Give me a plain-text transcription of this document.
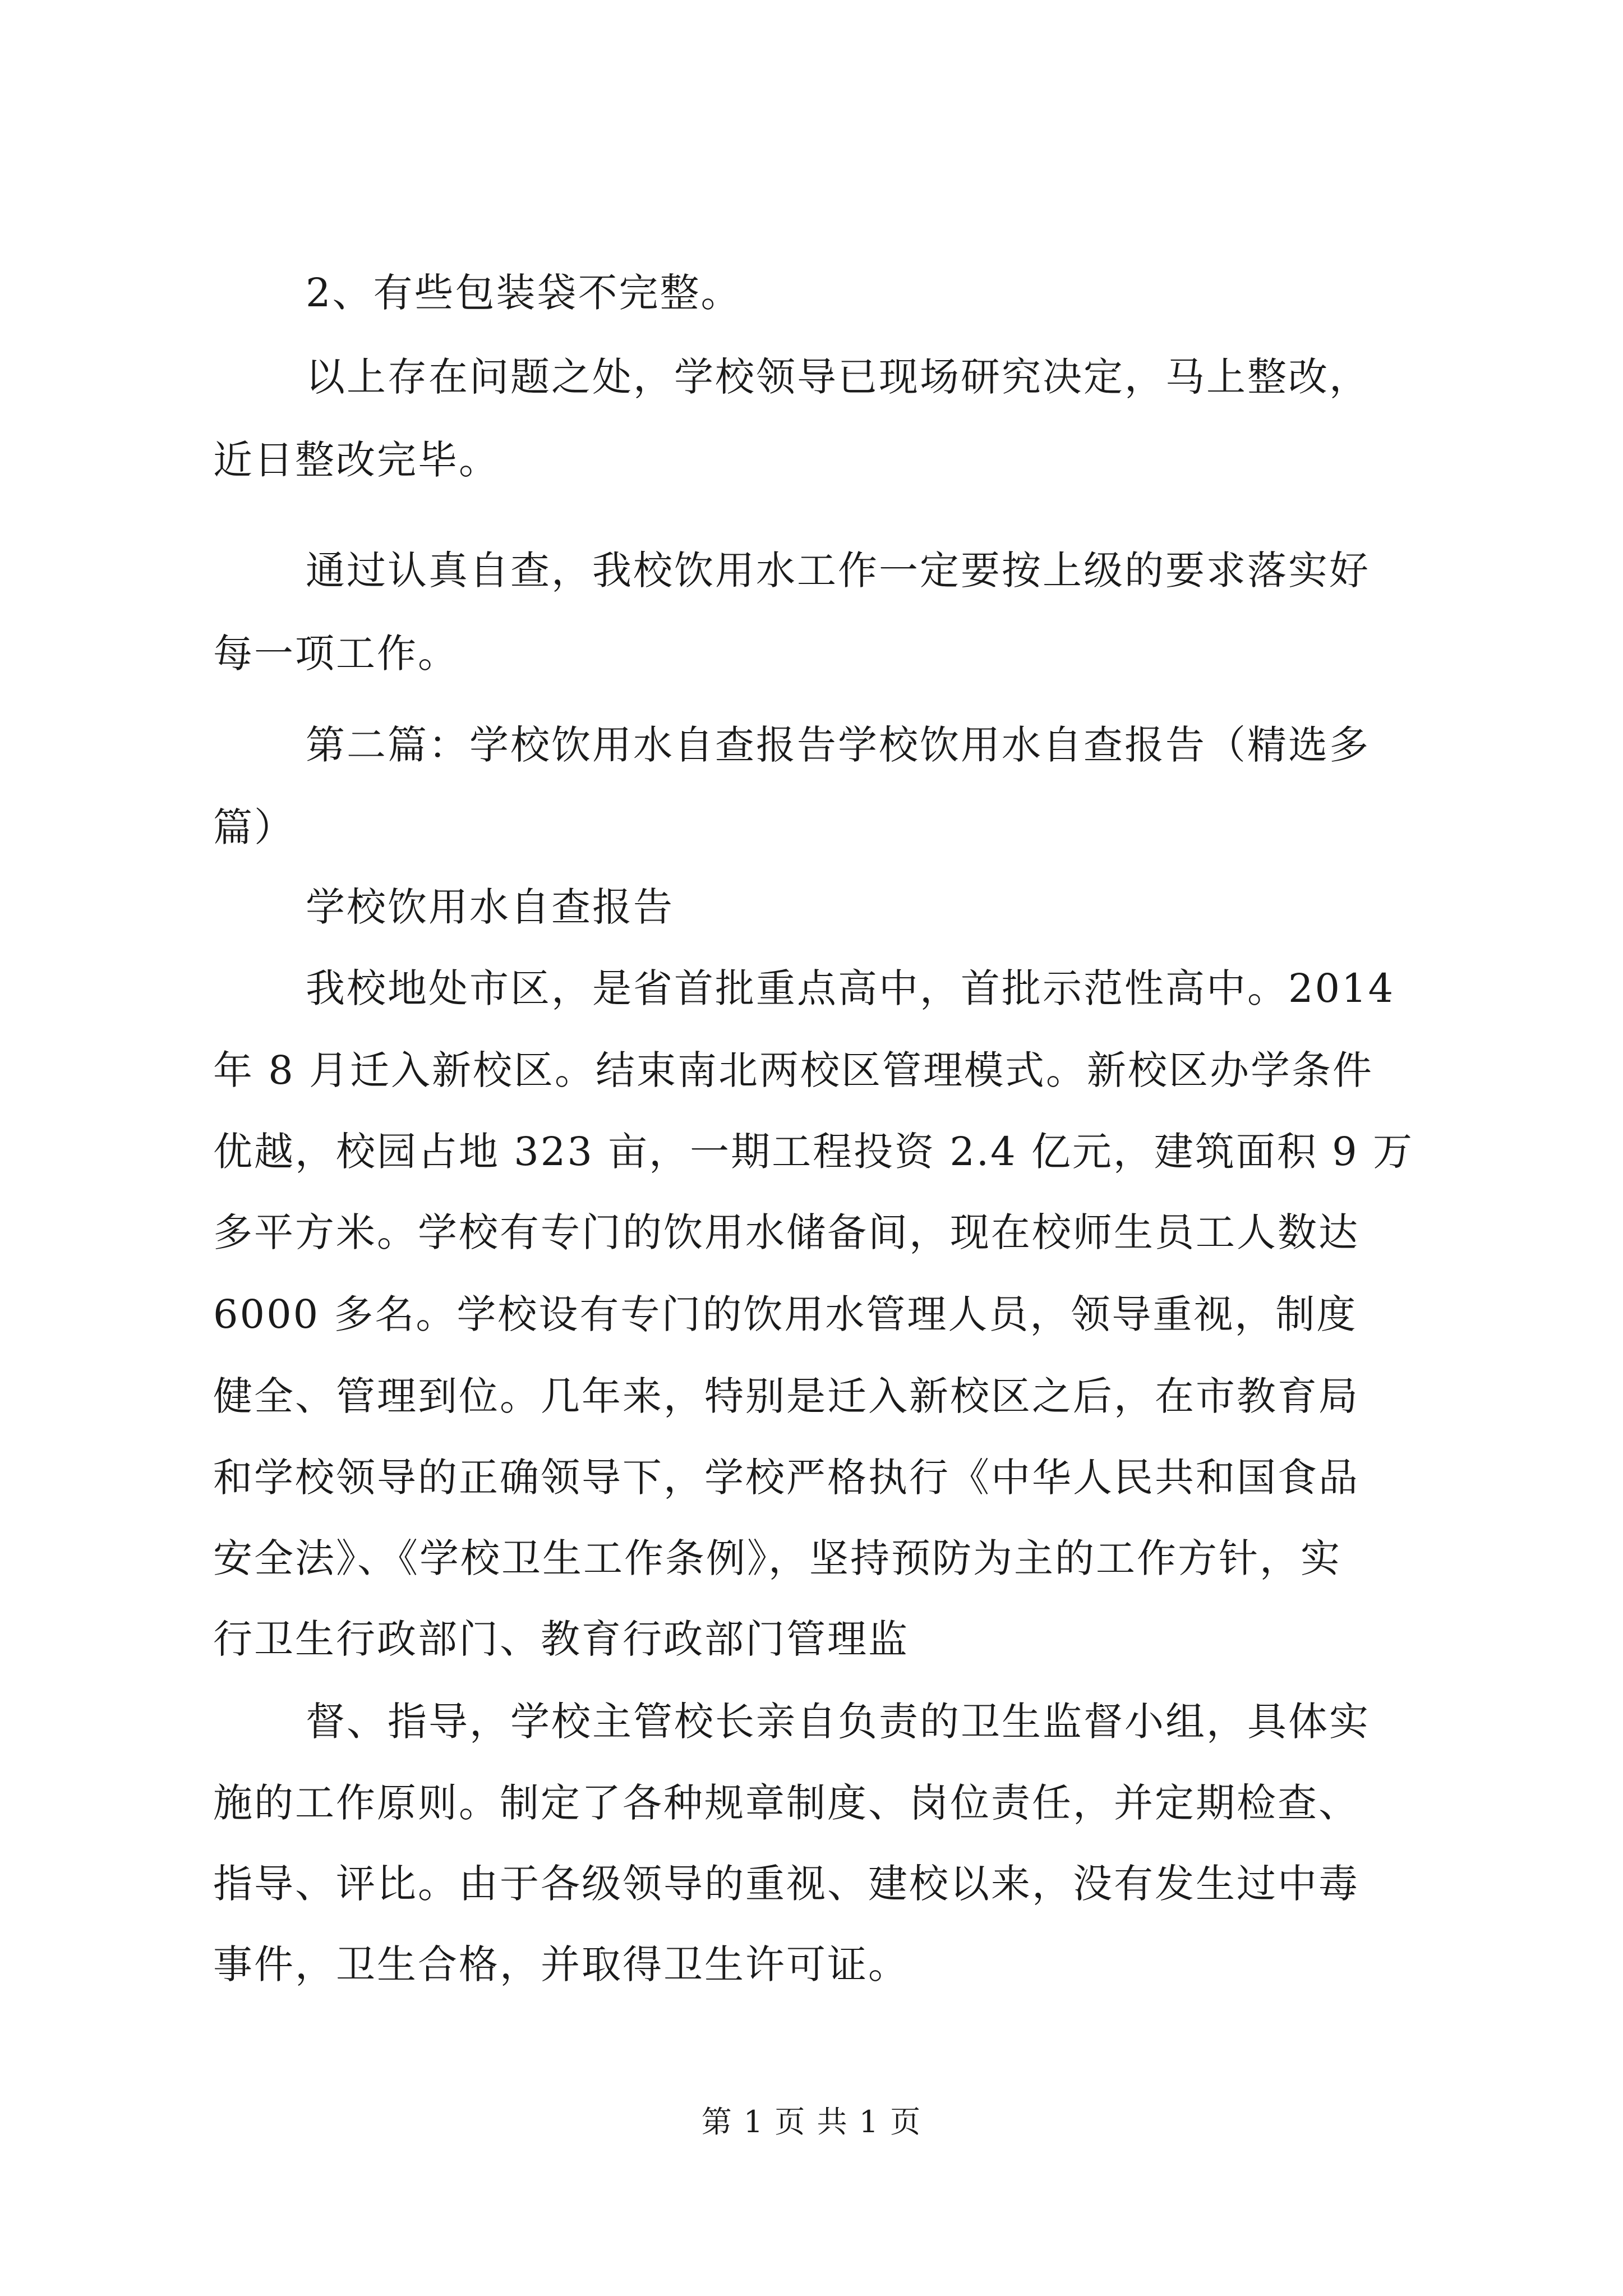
2、有些包装袋不完整。
以上存在问题之处，学校领导已现场研究决定，马上整改，
近日整改完毕。
通过认真自查，我校饮用水工作一定要按上级的要求落实好
每一项工作。
第二篇：学校饮用水自查报告学校饮用水自查报告（精选多
篇）
学校饮用水自查报告
我校地处市区，是省首批重点高中，首批示范性高中。2014
年 8 月迁入新校区。结束南北两校区管理模式。新校区办学条件
优越，校园占地 323 亩，一期工程投资 2.4 亿元，建筑面积 9 万
多平方米。学校有专门的饮用水储备间，现在校师生员工人数达
6000 多名。学校设有专门的饮用水管理人员，领导重视，制度
健全、管理到位。几年来，特别是迁入新校区之后，在市教育局
和学校领导的正确领导下，学校严格执行《中华人民共和国食品
安全法》、《学校卫生工作条例》，坚持预防为主的工作方针，实
行卫生行政部门、教育行政部门管理监
督、指导，学校主管校长亲自负责的卫生监督小组，具体实
施的工作原则。制定了各种规章制度、岗位责任，并定期检查、
指导、评比。由于各级领导的重视、建校以来，没有发生过中毒
事件，卫生合格，并取得卫生许可证。
第 1 页 共 1 页
